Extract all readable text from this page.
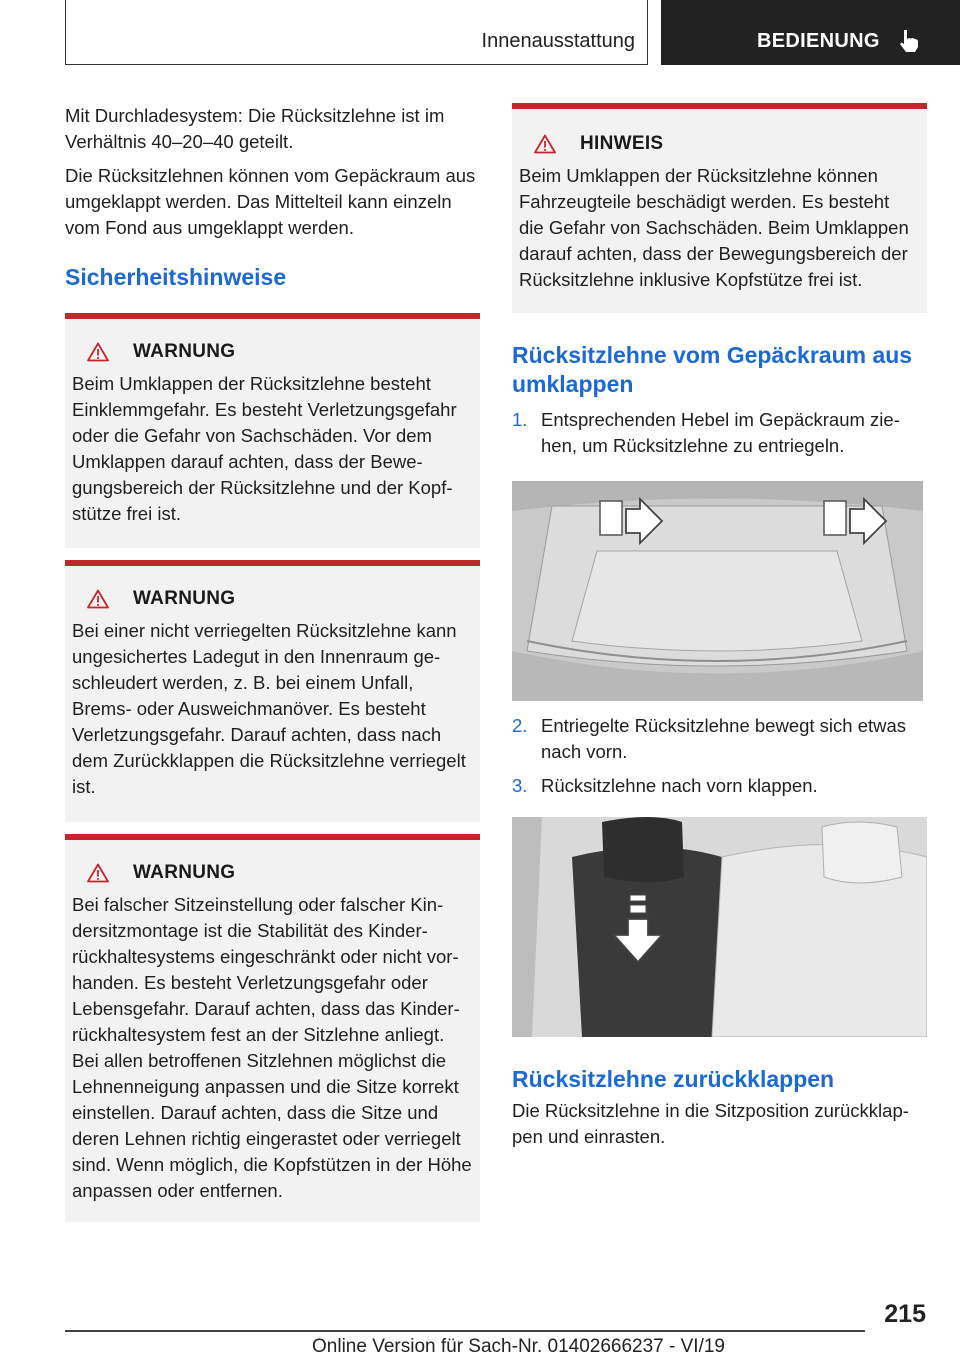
Innenausstattung	BEDIENUNG

Mit Durchladesystem: Die Rücksitzlehne ist im Verhältnis 40–20–40 geteilt.

Die Rücksitzlehnen können vom Gepäckraum aus umgeklappt werden. Das Mittelteil kann einzeln vom Fond aus umgeklappt werden.

Sicherheitshinweise
WARNUNG

Beim Umklappen der Rücksitzlehne besteht Einklemmgefahr. Es besteht Verletzungsgefahr oder die Gefahr von Sachschäden. Vor dem Umklappen darauf achten, dass der Bewegungsbereich der Rücksitzlehne und der Kopfstütze frei ist.

WARNUNG

Bei einer nicht verriegelten Rücksitzlehne kann ungesichertes Ladegut in den Innenraum geschleudert werden, z. B. bei einem Unfall, Brems- oder Ausweichmanöver. Es besteht Verletzungsgefahr. Darauf achten, dass nach dem Zurückklappen die Rücksitzlehne verriegelt ist.

WARNUNG

Bei falscher Sitzeinstellung oder falscher Kindersitzmontage ist die Stabilität des Kinderrückhaltesystems eingeschränkt oder nicht vorhanden. Es besteht Verletzungsgefahr oder Lebensgefahr. Darauf achten, dass das Kinderrückhaltesystem fest an der Sitzlehne anliegt. Bei allen betroffenen Sitzlehnen möglichst die Lehnenneigung anpassen und die Sitze korrekt einstellen. Darauf achten, dass die Sitze und deren Lehnen richtig eingerastet oder verriegelt sind. Wenn möglich, die Kopfstützen in der Höhe anpassen oder entfernen.

HINWEIS

Beim Umklappen der Rücksitzlehne können Fahrzeugteile beschädigt werden. Es besteht die Gefahr von Sachschäden. Beim Umklappen darauf achten, dass der Bewegungsbereich der Rücksitzlehne inklusive Kopfstütze frei ist.

Rücksitzlehne vom Gepäckraum aus umklappen
1. Entsprechenden Hebel im Gepäckraum ziehen, um Rücksitzlehne zu entriegeln.
2. Entriegelte Rücksitzlehne bewegt sich etwas nach vorn.
3. Rücksitzlehne nach vorn klappen.
Rücksitzlehne zurückklappen

Die Rücksitzlehne in die Sitzposition zurückklappen und einrasten.

215
Online Version für Sach-Nr. 01402666237 - VI/19
